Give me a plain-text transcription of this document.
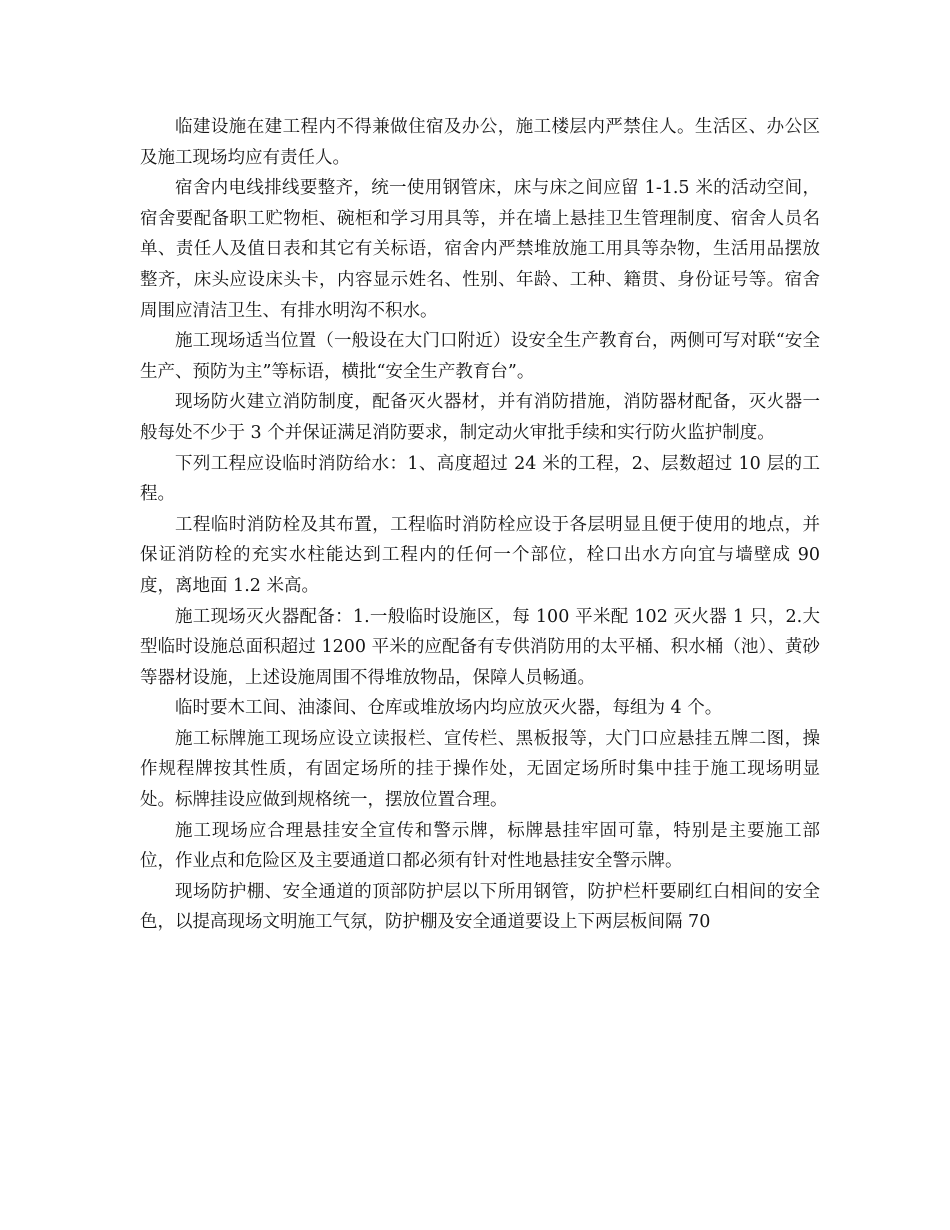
临建设施在建工程内不得兼做住宿及办公，施工楼层内严禁住人。生活区、办公区及施工现场均应有责任人。

宿舍内电线排线要整齐，统一使用钢管床，床与床之间应留 1-1.5 米的活动空间，宿舍要配备职工贮物柜、碗柜和学习用具等，并在墙上悬挂卫生管理制度、宿舍人员名单、责任人及值日表和其它有关标语，宿舍内严禁堆放施工用具等杂物，生活用品摆放整齐，床头应设床头卡，内容显示姓名、性别、年龄、工种、籍贯、身份证号等。宿舍周围应清洁卫生、有排水明沟不积水。

施工现场适当位置（一般设在大门口附近）设安全生产教育台，两侧可写对联“安全生产、预防为主”等标语，横批“安全生产教育台”。

现场防火建立消防制度，配备灭火器材，并有消防措施，消防器材配备，灭火器一般每处不少于 3 个并保证满足消防要求，制定动火审批手续和实行防火监护制度。

下列工程应设临时消防给水：1、高度超过 24 米的工程，2、层数超过 10 层的工程。

工程临时消防栓及其布置，工程临时消防栓应设于各层明显且便于使用的地点，并保证消防栓的充实水柱能达到工程内的任何一个部位，栓口出水方向宜与墙壁成 90 度，离地面 1.2 米高。

施工现场灭火器配备：1.一般临时设施区，每 100 平米配 102 灭火器 1 只，2.大型临时设施总面积超过 1200 平米的应配备有专供消防用的太平桶、积水桶（池）、黄砂等器材设施，上述设施周围不得堆放物品，保障人员畅通。

临时要木工间、油漆间、仓库或堆放场内均应放灭火器，每组为 4 个。

施工标牌施工现场应设立读报栏、宣传栏、黑板报等，大门口应悬挂五牌二图，操作规程牌按其性质，有固定场所的挂于操作处，无固定场所时集中挂于施工现场明显处。标牌挂设应做到规格统一，摆放位置合理。

施工现场应合理悬挂安全宣传和警示牌，标牌悬挂牢固可靠，特别是主要施工部位，作业点和危险区及主要通道口都必须有针对性地悬挂安全警示牌。

现场防护棚、安全通道的顶部防护层以下所用钢管，防护栏杆要刷红白相间的安全色，以提高现场文明施工气氛，防护棚及安全通道要设上下两层板间隔 70
